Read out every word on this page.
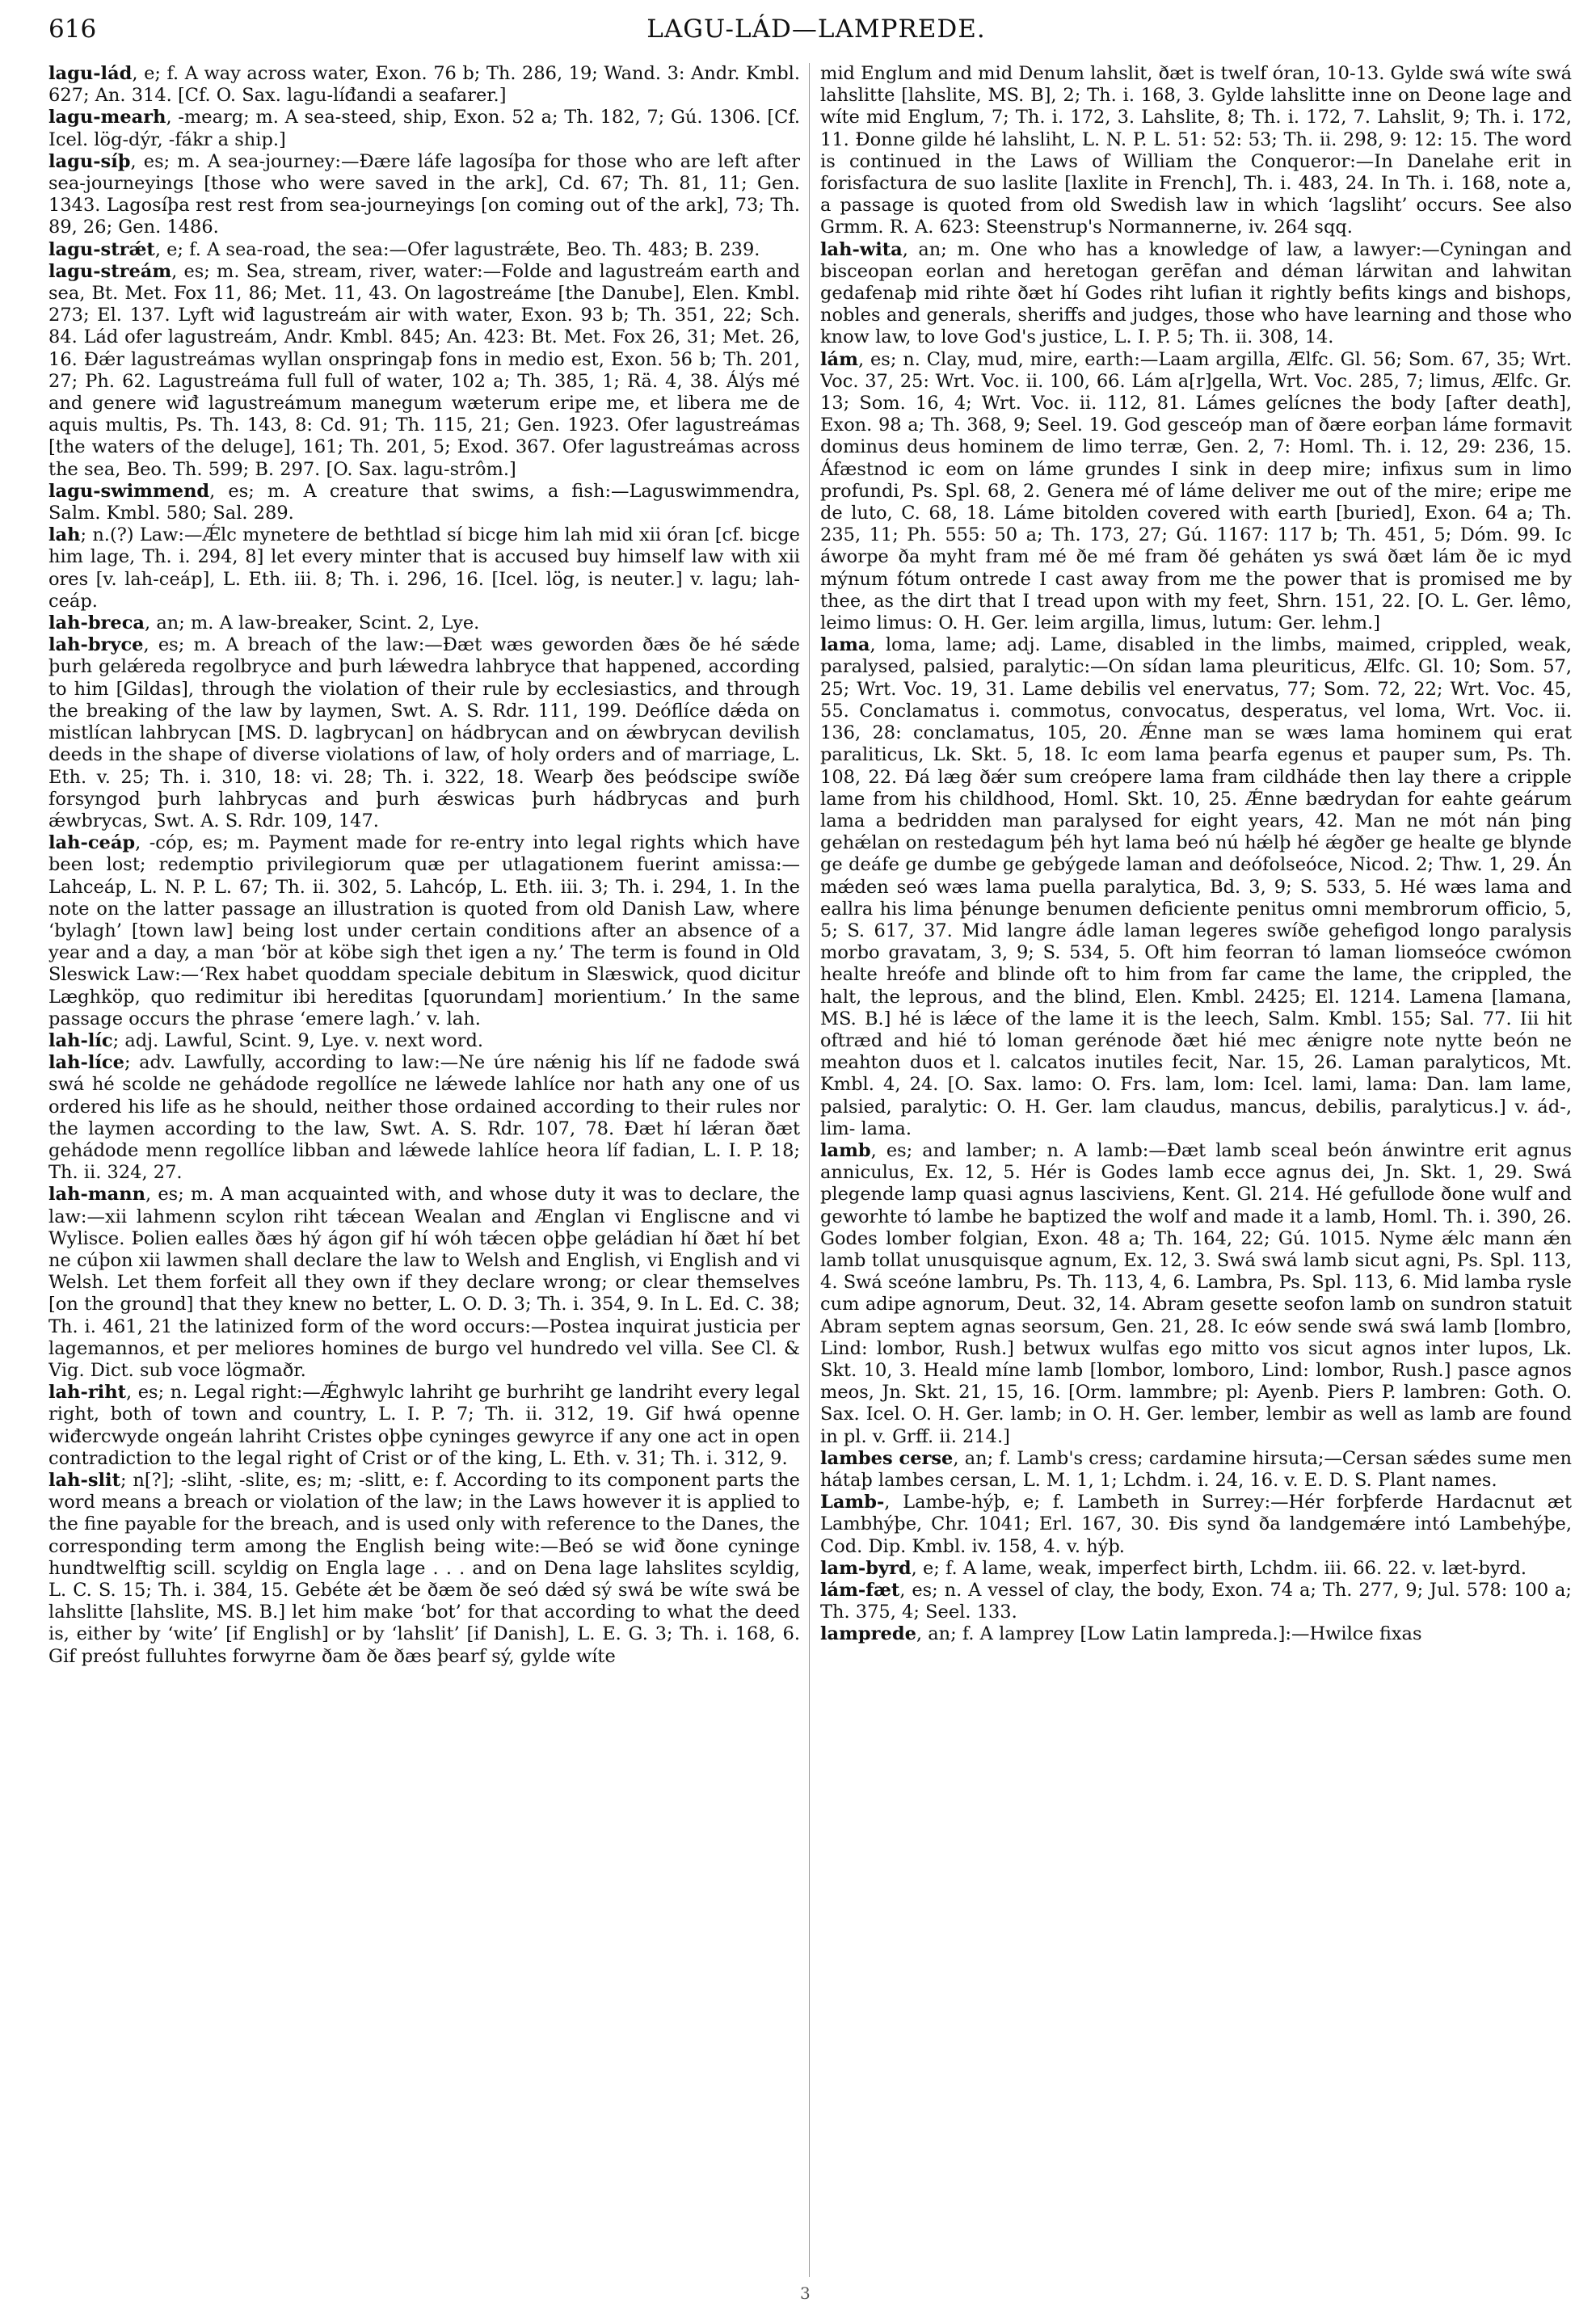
616	LAGU-LÁD—LAMPREDE.

lagu-lád, e; f. A way across water, Exon. 76 b; Th. 286, 19; Wand. 3: Andr. Kmbl. 627; An. 314. [Cf. O. Sax. lagu-líđandi a seafarer.]

lagu-mearh, -mearg; m. A sea-steed, ship, Exon. 52 a; Th. 182, 7; Gú. 1306. [Cf. Icel. lög-dýr, -fákr a ship.]

lagu-síþ, es; m. A sea-journey:—Ðære láfe lagosíþa for those who are left after sea-journeyings [those who were saved in the ark], Cd. 67; Th. 81, 11; Gen. 1343. Lagosíþa rest rest from sea-journeyings [on coming out of the ark], 73; Th. 89, 26; Gen. 1486.

lagu-strǽt, e; f. A sea-road, the sea:—Ofer lagustrǽte, Beo. Th. 483; B. 239.

lagu-streám, es; m. Sea, stream, river, water:—Folde and lagustreám earth and sea, Bt. Met. Fox 11, 86; Met. 11, 43. On lagostreáme [the Danube], Elen. Kmbl. 273; El. 137. Lyft wiđ lagustreám air with water, Exon. 93 b; Th. 351, 22; Sch. 84. Lád ofer lagustreám, Andr. Kmbl. 845; An. 423: Bt. Met. Fox 26, 31; Met. 26, 16. Ðǽr lagustreámas wyllan onspringaþ fons in medio est, Exon. 56 b; Th. 201, 27; Ph. 62. Lagustreáma full full of water, 102 a; Th. 385, 1; Rä. 4, 38. Álýs mé and genere wiđ lagustreámum manegum wæterum eripe me, et libera me de aquis multis, Ps. Th. 143, 8: Cd. 91; Th. 115, 21; Gen. 1923. Ofer lagustreámas [the waters of the deluge], 161; Th. 201, 5; Exod. 367. Ofer lagustreámas across the sea, Beo. Th. 599; B. 297. [O. Sax. lagu-strôm.]

lagu-swimmend, es; m. A creature that swims, a fish:—Laguswimmendra, Salm. Kmbl. 580; Sal. 289.

lah; n.(?) Law:—Ǽlc mynetere de bethtlad sí bicge him lah mid xii óran [cf. bicge him lage, Th. i. 294, 8] let every minter that is accused buy himself law with xii ores [v. lah-ceáp], L. Eth. iii. 8; Th. i. 296, 16. [Icel. lög, is neuter.] v. lagu; lah-ceáp.

lah-breca, an; m. A law-breaker, Scint. 2, Lye.

lah-bryce, es; m. A breach of the law:—Ðæt wæs geworden ðæs ðe hé sǽde þurh gelǽreda regolbryce and þurh lǽwedra lahbryce that happened, according to him [Gildas], through the violation of their rule by ecclesiastics, and through the breaking of the law by laymen, Swt. A. S. Rdr. 111, 199. Deóflíce dǽda on mistlícan lahbrycan [MS. D. lagbrycan] on hádbrycan and on ǽwbrycan devilish deeds in the shape of diverse violations of law, of holy orders and of marriage, L. Eth. v. 25; Th. i. 310, 18: vi. 28; Th. i. 322, 18. Wearþ ðes þeódscipe swíðe forsyngod þurh lahbrycas and þurh ǽswicas þurh hádbrycas and þurh ǽwbrycas, Swt. A. S. Rdr. 109, 147.

lah-ceáp, -cóp, es; m. Payment made for re-entry into legal rights which have been lost; redemptio privilegiorum quæ per utlagationem fuerint amissa:—Lahceáp, L. N. P. L. 67; Th. ii. 302, 5. Lahcóp, L. Eth. iii. 3; Th. i. 294, 1. In the note on the latter passage an illustration is quoted from old Danish Law, where ‘bylagh’ [town law] being lost under certain conditions after an absence of a year and a day, a man ‘bör at köbe sigh thet igen a ny.’ The term is found in Old Sleswick Law:—‘Rex habet quoddam speciale debitum in Slæswick, quod dicitur Læghköp, quo redimitur ibi hereditas [quorundam] morientium.’ In the same passage occurs the phrase ‘emere lagh.’ v. lah.

lah-líc; adj. Lawful, Scint. 9, Lye. v. next word.

lah-líce; adv. Lawfully, according to law:—Ne úre nǽnig his líf ne fadode swá swá hé scolde ne gehádode regollíce ne lǽwede lahlíce nor hath any one of us ordered his life as he should, neither those ordained according to their rules nor the laymen according to the law, Swt. A. S. Rdr. 107, 78. Ðæt hí lǽran ðæt gehádode menn regollíce libban and lǽwede lahlíce heora líf fadian, L. I. P. 18; Th. ii. 324, 27.

lah-mann, es; m. A man acquainted with, and whose duty it was to declare, the law:—xii lahmenn scylon riht tǽcean Wealan and Ænglan vi Engliscne and vi Wylisce. Þolien ealles ðæs hý ágon gif hí wóh tǽcen oþþe geládian hí ðæt hí bet ne cúþon xii lawmen shall declare the law to Welsh and English, vi English and vi Welsh. Let them forfeit all they own if they declare wrong; or clear themselves [on the ground] that they knew no better, L. O. D. 3; Th. i. 354, 9. In L. Ed. C. 38; Th. i. 461, 21 the latinized form of the word occurs:—Postea inquirat justicia per lagemannos, et per meliores homines de burgo vel hundredo vel villa. See Cl. & Vig. Dict. sub voce lögmaðr.

lah-riht, es; n. Legal right:—Ǽghwylc lahriht ge burhriht ge landriht every legal right, both of town and country, L. I. P. 7; Th. ii. 312, 19. Gif hwá openne wiđercwyde ongeán lahriht Cristes oþþe cyninges gewyrce if any one act in open contradiction to the legal right of Crist or of the king, L. Eth. v. 31; Th. i. 312, 9.

lah-slit; n[?]; -sliht, -slite, es; m; -slitt, e: f. According to its component parts the word means a breach or violation of the law; in the Laws however it is applied to the fine payable for the breach, and is used only with reference to the Danes, the corresponding term among the English being wite:—Beó se wiđ ðone cyninge hundtwelftig scill. scyldig on Engla lage . . . and on Dena lage lahslites scyldig, L. C. S. 15; Th. i. 384, 15. Gebéte ǽt be ðæm ðe seó dǽd sý swá be wíte swá be lahslitte [lahslite, MS. B.] let him make ‘bot’ for that according to what the deed is, either by ‘wite’ [if English] or by ‘lahslit’ [if Danish], L. E. G. 3; Th. i. 168, 6. Gif preóst fulluhtes forwyrne ðam ðe ðæs þearf sý, gylde wíte

mid Englum and mid Denum lahslit, ðæt is twelf óran, 10-13. Gylde swá wíte swá lahslitte [lahslite, MS. B], 2; Th. i. 168, 3. Gylde lahslitte inne on Deone lage and wíte mid Englum, 7; Th. i. 172, 3. Lahslite, 8; Th. i. 172, 7. Lahslit, 9; Th. i. 172, 11. Ðonne gilde hé lahsliht, L. N. P. L. 51: 52: 53; Th. ii. 298, 9: 12: 15. The word is continued in the Laws of William the Conqueror:—In Danelahe erit in forisfactura de suo laslite [laxlite in French], Th. i. 483, 24. In Th. i. 168, note a, a passage is quoted from old Swedish law in which ‘lagsliht’ occurs. See also Grmm. R. A. 623: Steenstrup's Normannerne, iv. 264 sqq.

lah-wita, an; m. One who has a knowledge of law, a lawyer:—Cyningan and bisceopan eorlan and heretogan gerēfan and déman lárwitan and lahwitan gedafenaþ mid rihte ðæt hí Godes riht lufian it rightly befits kings and bishops, nobles and generals, sheriffs and judges, those who have learning and those who know law, to love God's justice, L. I. P. 5; Th. ii. 308, 14.

lám, es; n. Clay, mud, mire, earth:—Laam argilla, Ælfc. Gl. 56; Som. 67, 35; Wrt. Voc. 37, 25: Wrt. Voc. ii. 100, 66. Lám a[r]gella, Wrt. Voc. 285, 7; limus, Ælfc. Gr. 13; Som. 16, 4; Wrt. Voc. ii. 112, 81. Lámes gelícnes the body [after death], Exon. 98 a; Th. 368, 9; Seel. 19. God gesceóp man of ðære eorþan láme formavit dominus deus hominem de limo terræ, Gen. 2, 7: Homl. Th. i. 12, 29: 236, 15. Áfæstnod ic eom on láme grundes I sink in deep mire; infixus sum in limo profundi, Ps. Spl. 68, 2. Genera mé of láme deliver me out of the mire; eripe me de luto, C. 68, 18. Láme bitolden covered with earth [buried], Exon. 64 a; Th. 235, 11; Ph. 555: 50 a; Th. 173, 27; Gú. 1167: 117 b; Th. 451, 5; Dóm. 99. Ic áworpe ða myht fram mé ðe mé fram ðé geháten ys swá ðæt lám ðe ic myd mýnum fótum ontrede I cast away from me the power that is promised me by thee, as the dirt that I tread upon with my feet, Shrn. 151, 22. [O. L. Ger. lêmo, leimo limus: O. H. Ger. leim argilla, limus, lutum: Ger. lehm.]

lama, loma, lame; adj. Lame, disabled in the limbs, maimed, crippled, weak, paralysed, palsied, paralytic:—On sídan lama pleuriticus, Ælfc. Gl. 10; Som. 57, 25; Wrt. Voc. 19, 31. Lame debilis vel enervatus, 77; Som. 72, 22; Wrt. Voc. 45, 55. Conclamatus i. commotus, convocatus, desperatus, vel loma, Wrt. Voc. ii. 136, 28: conclamatus, 105, 20. Ǽnne man se wæs lama hominem qui erat paraliticus, Lk. Skt. 5, 18. Ic eom lama þearfa egenus et pauper sum, Ps. Th. 108, 22. Ðá læg ðǽr sum creópere lama fram cildháde then lay there a cripple lame from his childhood, Homl. Skt. 10, 25. Ǽnne bædrydan for eahte geárum lama a bedridden man paralysed for eight years, 42. Man ne mót nán þing gehǽlan on restedagum þéh hyt lama beó nú hǽlþ hé ǽgðer ge healte ge blynde ge deáfe ge dumbe ge gebýgede laman and deófolseóce, Nicod. 2; Thw. 1, 29. Án mǽden seó wæs lama puella paralytica, Bd. 3, 9; S. 533, 5. Hé wæs lama and eallra his lima þénunge benumen deficiente penitus omni membrorum officio, 5, 5; S. 617, 37. Mid langre ádle laman legeres swíðe gehefigod longo paralysis morbo gravatam, 3, 9; S. 534, 5. Oft him feorran tó laman liomseóce cwómon healte hreófe and blinde oft to him from far came the lame, the crippled, the halt, the leprous, and the blind, Elen. Kmbl. 2425; El. 1214. Lamena [lamana, MS. B.] hé is lǽce of the lame it is the leech, Salm. Kmbl. 155; Sal. 77. Iii hit oftræd and hié tó loman gerénode ðæt hié mec ǽnigre note nytte beón ne meahton duos et l. calcatos inutiles fecit, Nar. 15, 26. Laman paralyticos, Mt. Kmbl. 4, 24. [O. Sax. lamo: O. Frs. lam, lom: Icel. lami, lama: Dan. lam lame, palsied, paralytic: O. H. Ger. lam claudus, mancus, debilis, paralyticus.] v. ád-, lim- lama.

lamb, es; and lamber; n. A lamb:—Ðæt lamb sceal beón ánwintre erit agnus anniculus, Ex. 12, 5. Hér is Godes lamb ecce agnus dei, Jn. Skt. 1, 29. Swá plegende lamp quasi agnus lasciviens, Kent. Gl. 214. Hé gefullode ðone wulf and geworhte tó lambe he baptized the wolf and made it a lamb, Homl. Th. i. 390, 26. Godes lomber folgian, Exon. 48 a; Th. 164, 22; Gú. 1015. Nyme ǽlc mann ǽn lamb tollat unusquisque agnum, Ex. 12, 3. Swá swá lamb sicut agni, Ps. Spl. 113, 4. Swá sceóne lambru, Ps. Th. 113, 4, 6. Lambra, Ps. Spl. 113, 6. Mid lamba rysle cum adipe agnorum, Deut. 32, 14. Abram gesette seofon lamb on sundron statuit Abram septem agnas seorsum, Gen. 21, 28. Ic eów sende swá swá lamb [lombro, Lind: lombor, Rush.] betwux wulfas ego mitto vos sicut agnos inter lupos, Lk. Skt. 10, 3. Heald míne lamb [lombor, lomboro, Lind: lombor, Rush.] pasce agnos meos, Jn. Skt. 21, 15, 16. [Orm. lammbre; pl: Ayenb. Piers P. lambren: Goth. O. Sax. Icel. O. H. Ger. lamb; in O. H. Ger. lember, lembir as well as lamb are found in pl. v. Grff. ii. 214.]

lambes cerse, an; f. Lamb's cress; cardamine hirsuta;—Cersan sǽdes sume men hátaþ lambes cersan, L. M. 1, 1; Lchdm. i. 24, 16. v. E. D. S. Plant names.

Lamb-, Lambe-hýþ, e; f. Lambeth in Surrey:—Hér forþferde Hardacnut æt Lambhýþe, Chr. 1041; Erl. 167, 30. Ðis synd ða landgemǽre intó Lambehýþe, Cod. Dip. Kmbl. iv. 158, 4. v. hýþ.

lam-byrd, e; f. A lame, weak, imperfect birth, Lchdm. iii. 66. 22. v. læt-byrd.

lám-fæt, es; n. A vessel of clay, the body, Exon. 74 a; Th. 277, 9; Jul. 578: 100 a; Th. 375, 4; Seel. 133.

lamprede, an; f. A lamprey [Low Latin lampreda.]:—Hwilce fixas

3
